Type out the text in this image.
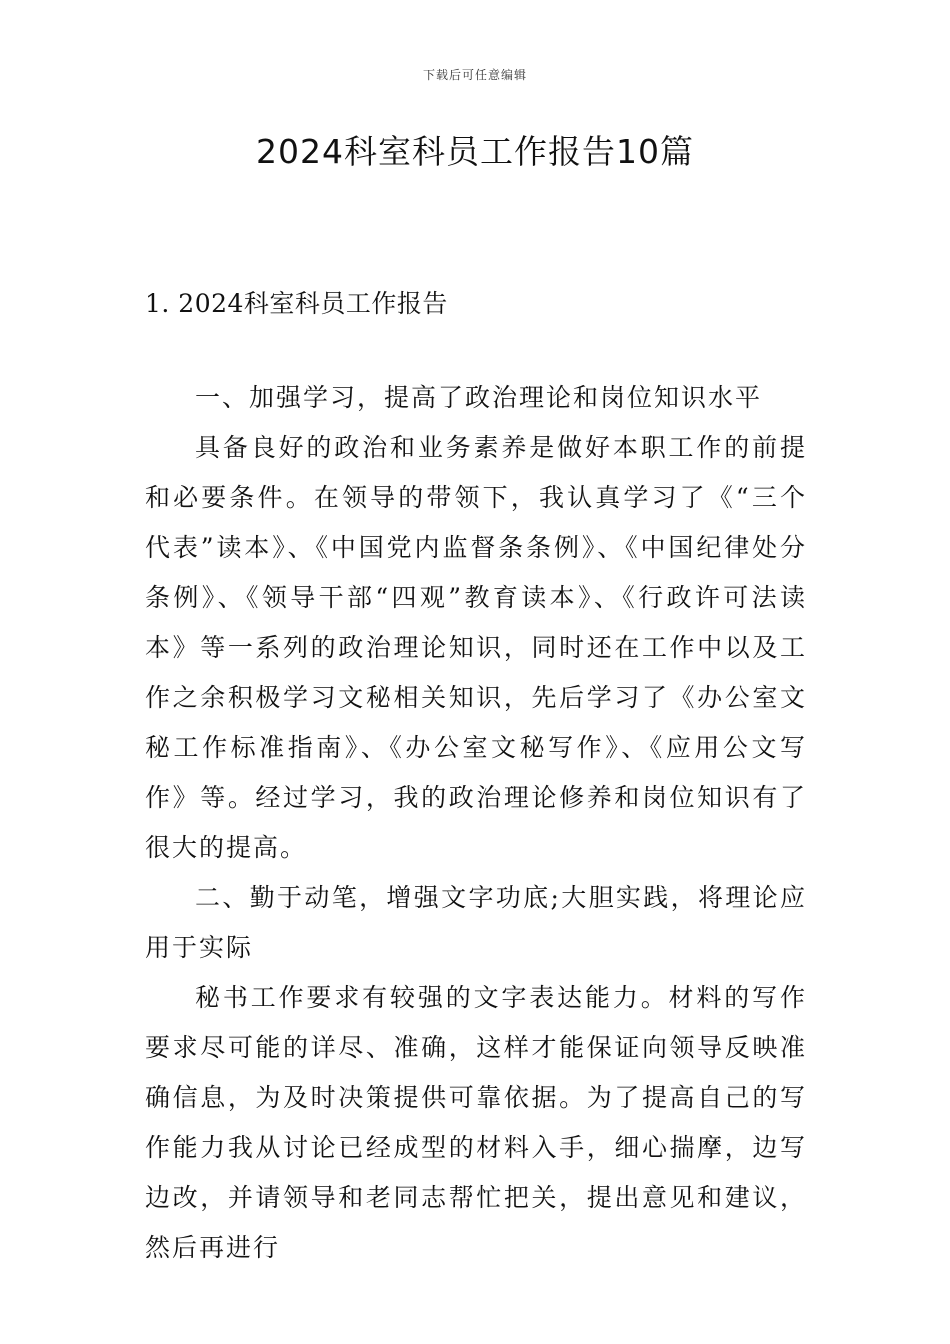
下载后可任意编辑
2024科室科员工作报告10篇
1. 2024科室科员工作报告

一、加强学习，提高了政治理论和岗位知识水平

具备良好的政治和业务素养是做好本职工作的前提和必要条件。在领导的带领下，我认真学习了《“三个代表”读本》、《中国党内监督条条例》、《中国纪律处分条例》、《领导干部“四观”教育读本》、《行政许可法读本》等一系列的政治理论知识，同时还在工作中以及工作之余积极学习文秘相关知识，先后学习了《办公室文秘工作标准指南》、《办公室文秘写作》、《应用公文写作》等。经过学习，我的政治理论修养和岗位知识有了很大的提高。

二、勤于动笔，增强文字功底;大胆实践，将理论应用于实际

秘书工作要求有较强的文字表达能力。材料的写作要求尽可能的详尽、准确，这样才能保证向领导反映准确信息，为及时决策提供可靠依据。为了提高自己的写作能力我从讨论已经成型的材料入手，细心揣摩，边写边改，并请领导和老同志帮忙把关，提出意见和建议，然后再进行
